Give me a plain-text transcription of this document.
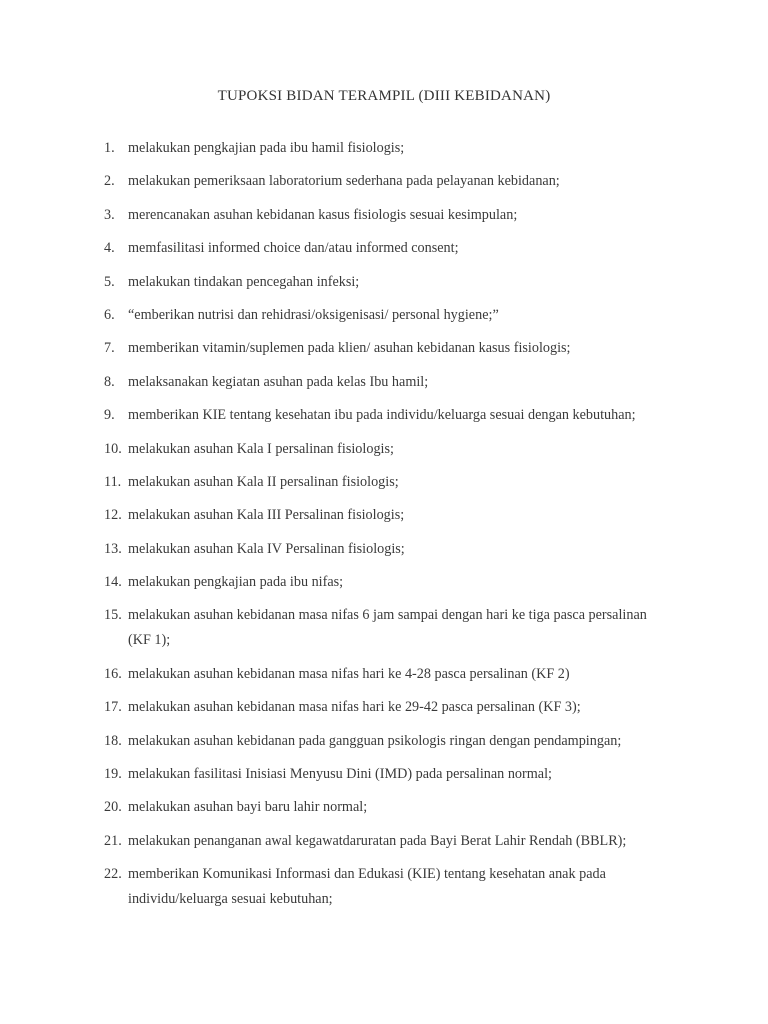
TUPOKSI BIDAN TERAMPIL (DIII KEBIDANAN)
1. melakukan pengkajian pada ibu hamil fisiologis;
2. melakukan pemeriksaan laboratorium sederhana pada pelayanan kebidanan;
3. merencanakan asuhan kebidanan kasus fisiologis sesuai kesimpulan;
4. memfasilitasi informed choice dan/atau informed consent;
5. melakukan tindakan pencegahan infeksi;
6. “emberikan nutrisi dan rehidrasi/oksigenisasi/ personal hygiene;”
7. memberikan vitamin/suplemen pada klien/ asuhan kebidanan kasus fisiologis;
8. melaksanakan kegiatan asuhan pada kelas Ibu hamil;
9. memberikan KIE tentang kesehatan ibu pada individu/keluarga sesuai dengan kebutuhan;
10. melakukan asuhan Kala I persalinan fisiologis;
11. melakukan asuhan Kala II persalinan fisiologis;
12. melakukan asuhan Kala III Persalinan fisiologis;
13. melakukan asuhan Kala IV Persalinan fisiologis;
14. melakukan pengkajian pada ibu nifas;
15. melakukan asuhan kebidanan masa nifas 6 jam sampai dengan hari ke tiga pasca persalinan (KF 1);
16. melakukan asuhan kebidanan masa nifas hari ke 4-28 pasca persalinan (KF 2)
17. melakukan asuhan kebidanan masa nifas hari ke 29-42 pasca persalinan (KF 3);
18. melakukan asuhan kebidanan pada gangguan psikologis ringan dengan pendampingan;
19. melakukan fasilitasi Inisiasi Menyusu Dini (IMD) pada persalinan normal;
20. melakukan asuhan bayi baru lahir normal;
21. melakukan penanganan awal kegawatdaruratan pada Bayi Berat Lahir Rendah (BBLR);
22. memberikan Komunikasi Informasi dan Edukasi (KIE) tentang kesehatan anak pada individu/keluarga sesuai kebutuhan;
